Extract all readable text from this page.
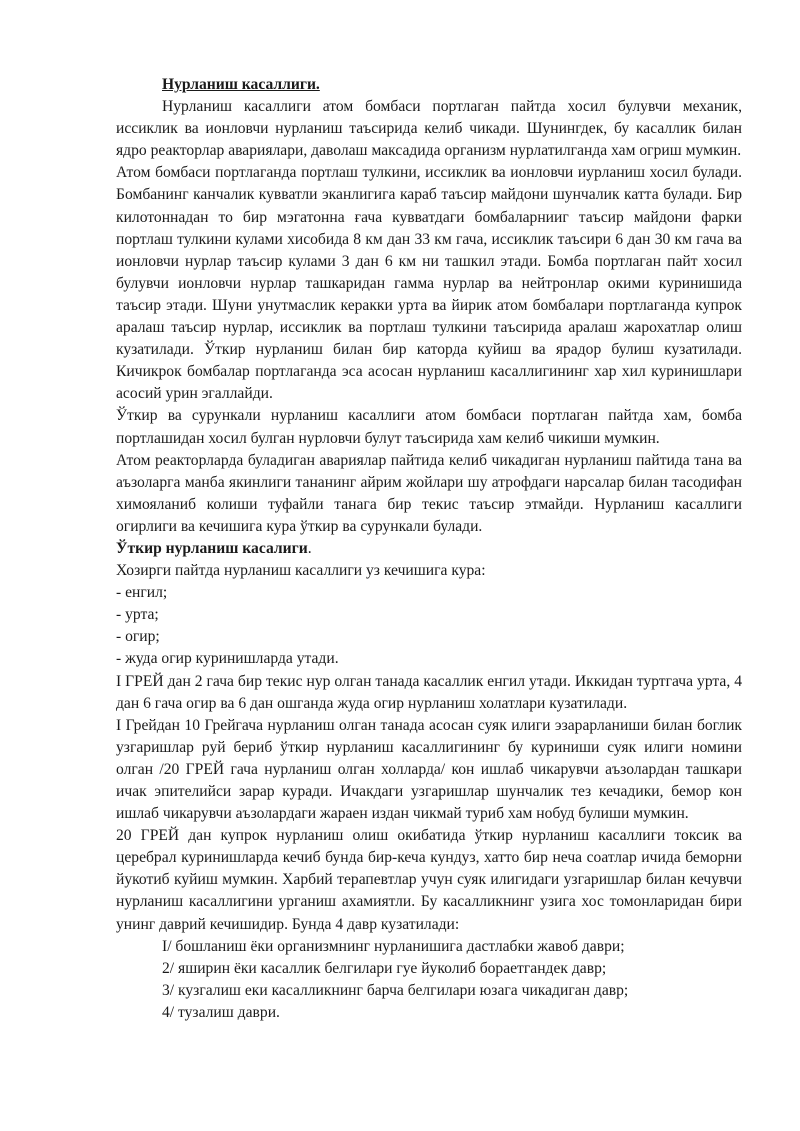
Нурланиш касаллиги.

Нурланиш касаллиги атом бомбаси портлаган пайтда хосил булувчи механик, иссиклик ва ионловчи нурланиш таъсирида келиб чикади. Шунингдек, бу касаллик билан ядро реакторлар авариялари, даволаш максадида организм нурлатилганда хам огриш мумкин.

Атом бомбаси портлаганда портлаш тулкини, иссиклик ва ионловчи иурланиш хосил булади. Бомбанинг канчалик кувватли эканлигига караб таъсир майдони шунчалик катта булади. Бир килотоннадан то бир мэгатонна ғача кувватдаги бомбаларнииг таъсир майдони фарки портлаш тулкини кулами хисобида 8 км дан 33 км гача, иссиклик таъсири 6 дан 30 км гача ва ионловчи нурлар таъсир кулами 3 дан 6 км ни ташкил этади. Бомба портлаган пайт хосил булувчи ионловчи нурлар ташкаридан гамма нурлар ва нейтронлар окими куринишида таъсир этади. Шуни унутмаслик керакки урта ва йирик атом бомбалари портлаганда купрок аралаш таъсир нурлар, иссиклик ва портлаш тулкини таъсирида аралаш жарохатлар олиш кузатилади. Ўткир нурланиш билан бир каторда куйиш ва ярадор булиш кузатилади. Кичикрок бомбалар портлаганда эса асосан нурланиш касаллигининг хар хил куринишлари асосий урин эгаллайди.

Ўткир ва сурункали нурланиш касаллиги атом бомбаси портлаган пайтда хам, бомба портлашидан хосил булган нурловчи булут таъсирида хам келиб чикиши мумкин.

Атом реакторларда буладиган авариялар пайтида келиб чикадиган нурланиш пайтида тана ва аъзоларга манба якинлиги тананинг айрим жойлари шу атрофдаги нарсалар билан тасодифан химояланиб колиши туфайли танага бир текис таъсир этмайди. Нурланиш касаллиги огирлиги ва кечишига кура ўткир ва сурункали булади.

Ўткир нурланиш касалиги.

Хозирги пайтда нурланиш касаллиги уз кечишига кура:

- енгил;

- урта;

- огир;

- жуда огир куринишларда утади.

I ГРЕЙ дан 2 гача бир текис нур олган танада касаллик енгил утади. Иккидан туртгача урта, 4 дан 6 гача огир ва 6 дан ошганда жуда огир нурланиш холатлари кузатилади.

I Грейдан 10 Грейгача нурланиш олган танада асосан суяк илиги эзарарланиши билан боглик узгаришлар руй бериб ўткир нурланиш касаллигининг бу куриниши суяк илиги номини олган /20 ГРЕЙ гача нурланиш олган холларда/ кон ишлаб чикарувчи аъзолардан ташкари ичак эпителийси зарар куради. Ичакдаги узгаришлар шунчалик тез кечадики, бемор кон ишлаб чикарувчи аъзолардаги жараен издан чикмай туриб хам нобуд булиши мумкин.

20 ГРЕЙ дан купрок нурланиш олиш окибатида ўткир нурланиш касаллиги токсик ва церебрал куринишларда кечиб бунда бир-кеча кундуз, хатто бир неча соатлар ичида беморни йукотиб куйиш мумкин. Харбий терапевтлар учун суяк илигидаги узгаришлар билан кечувчи нурланиш касаллигини урганиш ахамиятли. Бу касалликнинг узига хос томонларидан бири унинг даврий кечишидир. Бунда 4 давр кузатилади:

I/ бошланиш ёки организмнинг нурланишига дастлабки жавоб даври;

2/ яширин ёки касаллик белгилари гуе йуколиб бораетгандек давр;

3/ кузгалиш еки касалликнинг барча белгилари юзага чикадиган давр;

4/ тузалиш даври.
